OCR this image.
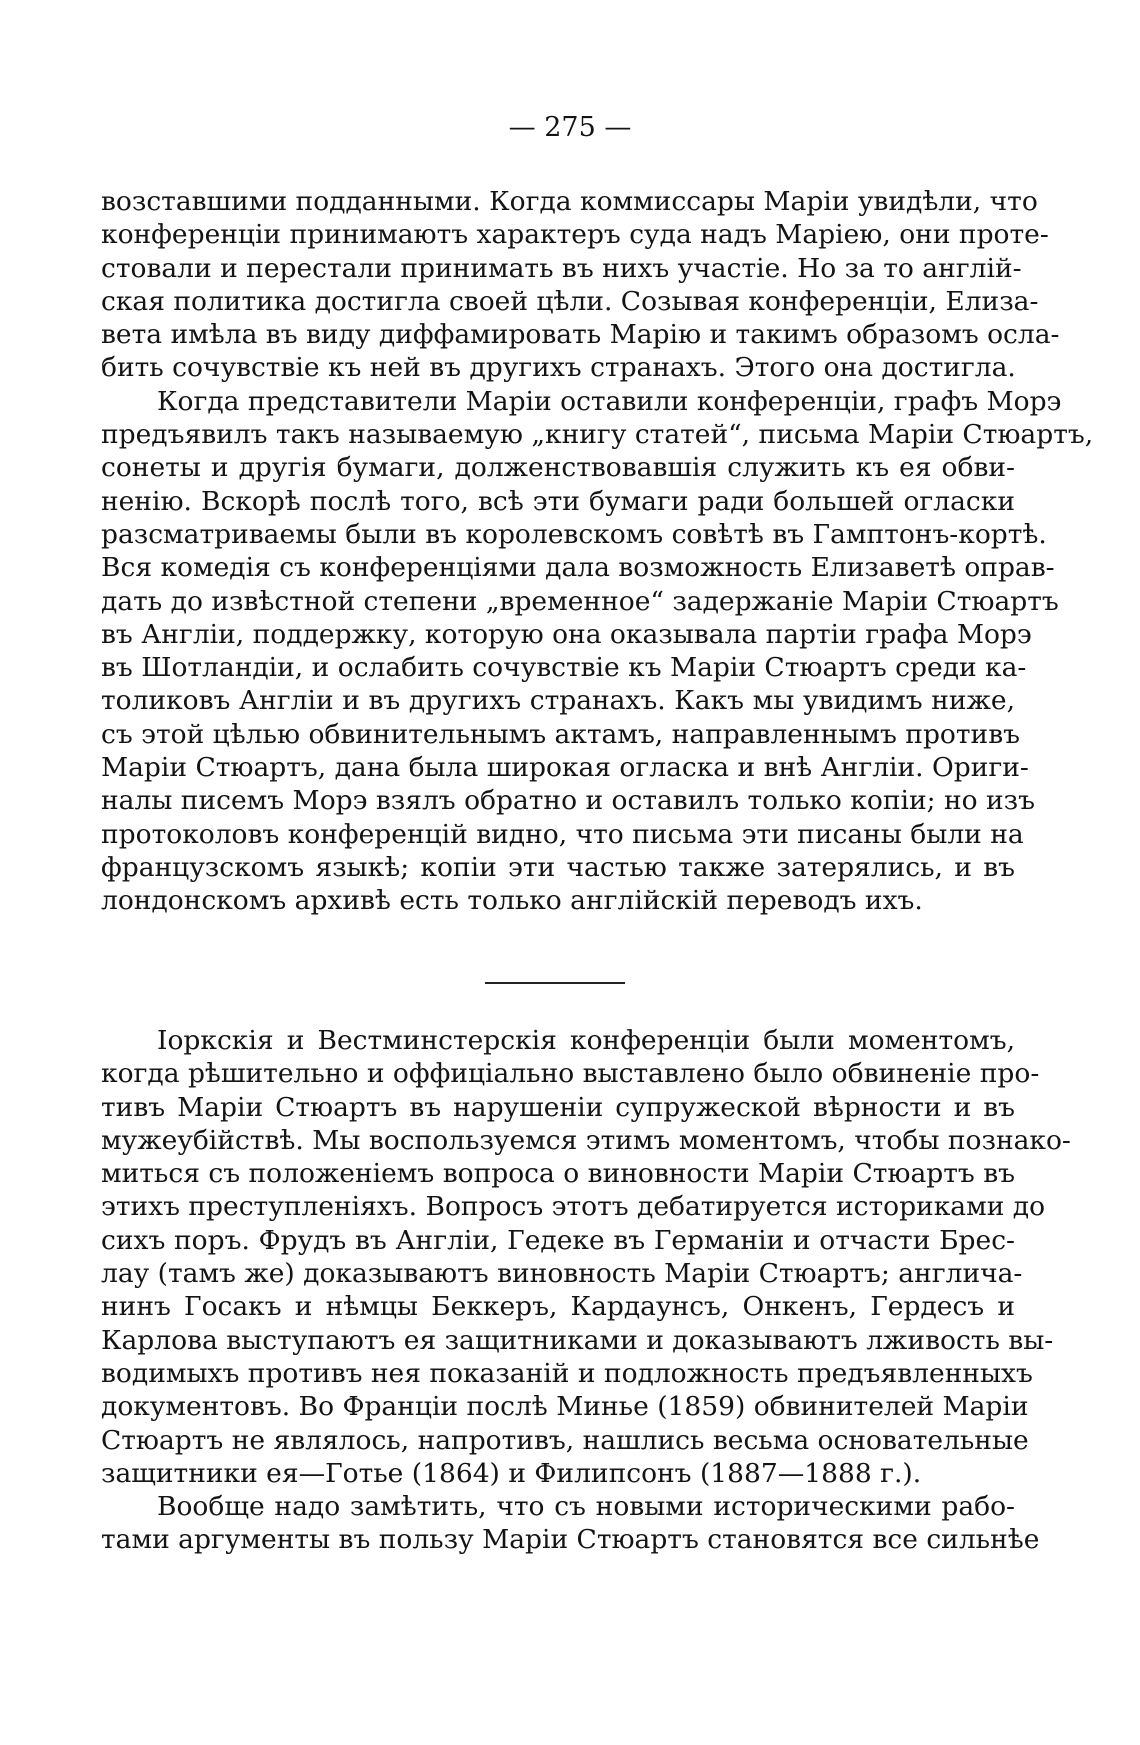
— 275 —
возставшими подданными. Когда коммиссары Маріи увидѣли, что
конференціи принимаютъ характеръ суда надъ Маріею, они проте-
стовали и перестали принимать въ нихъ участіе. Но за то англій-
ская политика достигла своей цѣли. Созывая конференціи, Елиза-
вета имѣла въ виду диффамировать Марію и такимъ образомъ осла-
бить сочувствіе къ ней въ другихъ странахъ. Этого она достигла.
Когда представители Маріи оставили конференціи, графъ Морэ
предъявилъ такъ называемую „книгу статей“, письма Маріи Стюартъ,
сонеты и другія бумаги, долженствовавшія служить къ ея обви-
ненію. Вскорѣ послѣ того, всѣ эти бумаги ради большей огласки
разсматриваемы были въ королевскомъ совѣтѣ въ Гамптонъ-кортѣ.
Вся комедія съ конференціями дала возможность Елизаветѣ оправ-
дать до извѣстной степени „временное“ задержаніе Маріи Стюартъ
въ Англіи, поддержку, которую она оказывала партіи графа Морэ
въ Шотландіи, и ослабить сочувствіе къ Маріи Стюартъ среди ка-
толиковъ Англіи и въ другихъ странахъ. Какъ мы увидимъ ниже,
съ этой цѣлью обвинительнымъ актамъ, направленнымъ противъ
Маріи Стюартъ, дана была широкая огласка и внѣ Англіи. Ориги-
налы писемъ Морэ взялъ обратно и оставилъ только копіи; но изъ
протоколовъ конференцій видно, что письма эти писаны были на
французскомъ языкѣ; копіи эти частью также затерялись, и въ
лондонскомъ архивѣ есть только англійскій переводъ ихъ.
Іоркскія и Вестминстерскія конференціи были моментомъ,
когда рѣшительно и оффиціально выставлено было обвиненіе про-
тивъ Маріи Стюартъ въ нарушеніи супружеской вѣрности и въ
мужеубійствѣ. Мы воспользуемся этимъ моментомъ, чтобы познако-
миться съ положеніемъ вопроса о виновности Маріи Стюартъ въ
этихъ преступленіяхъ. Вопросъ этотъ дебатируется историками до
сихъ поръ. Фрудъ въ Англіи, Гедеке въ Германіи и отчасти Брес-
лау (тамъ же) доказываютъ виновность Маріи Стюартъ; англича-
нинъ Госакъ и нѣмцы Беккеръ, Кардаунсъ, Онкенъ, Гердесъ и
Карлова выступаютъ ея защитниками и доказываютъ лживость вы-
водимыхъ противъ нея показаній и подложность предъявленныхъ
документовъ. Во Франціи послѣ Минье (1859) обвинителей Маріи
Стюартъ не являлось, напротивъ, нашлись весьма основательные
защитники ея—Готье (1864) и Филипсонъ (1887—1888 г.).
Вообще надо замѣтить, что съ новыми историческими рабо-
тами аргументы въ пользу Маріи Стюартъ становятся все сильнѣе
